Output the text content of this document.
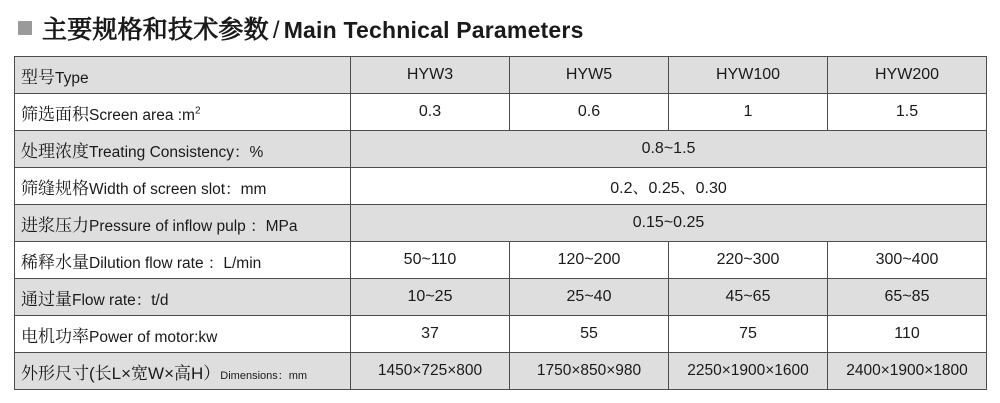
主要规格和技术参数 / Main Technical Parameters
型号Type	HYW3	HYW5	HYW100	HYW200
筛选面积Screen area $:m^2$	0.3	0.6	1	1.5
处理浓度Treating Consistency：%	0.8~1.5			
筛缝规格Width of screen slot：mm	0.2、0.25、0.30			
进浆压力Pressure of inflow pulp ：MPa	0.15~0.25			
稀释水量Dilution flow rate ：L/min	50~110	120~200	220~300	300~400
通过量Flow rate：t/d	10~25	25~40	45~65	65~85
电机功率Power of motor:kw	37	55	75	110
外形尺寸(长L×宽W×高H）Dimensions：mm	1450×725×800	1750×850×980	2250×1900×1600	2400×1900×1800
